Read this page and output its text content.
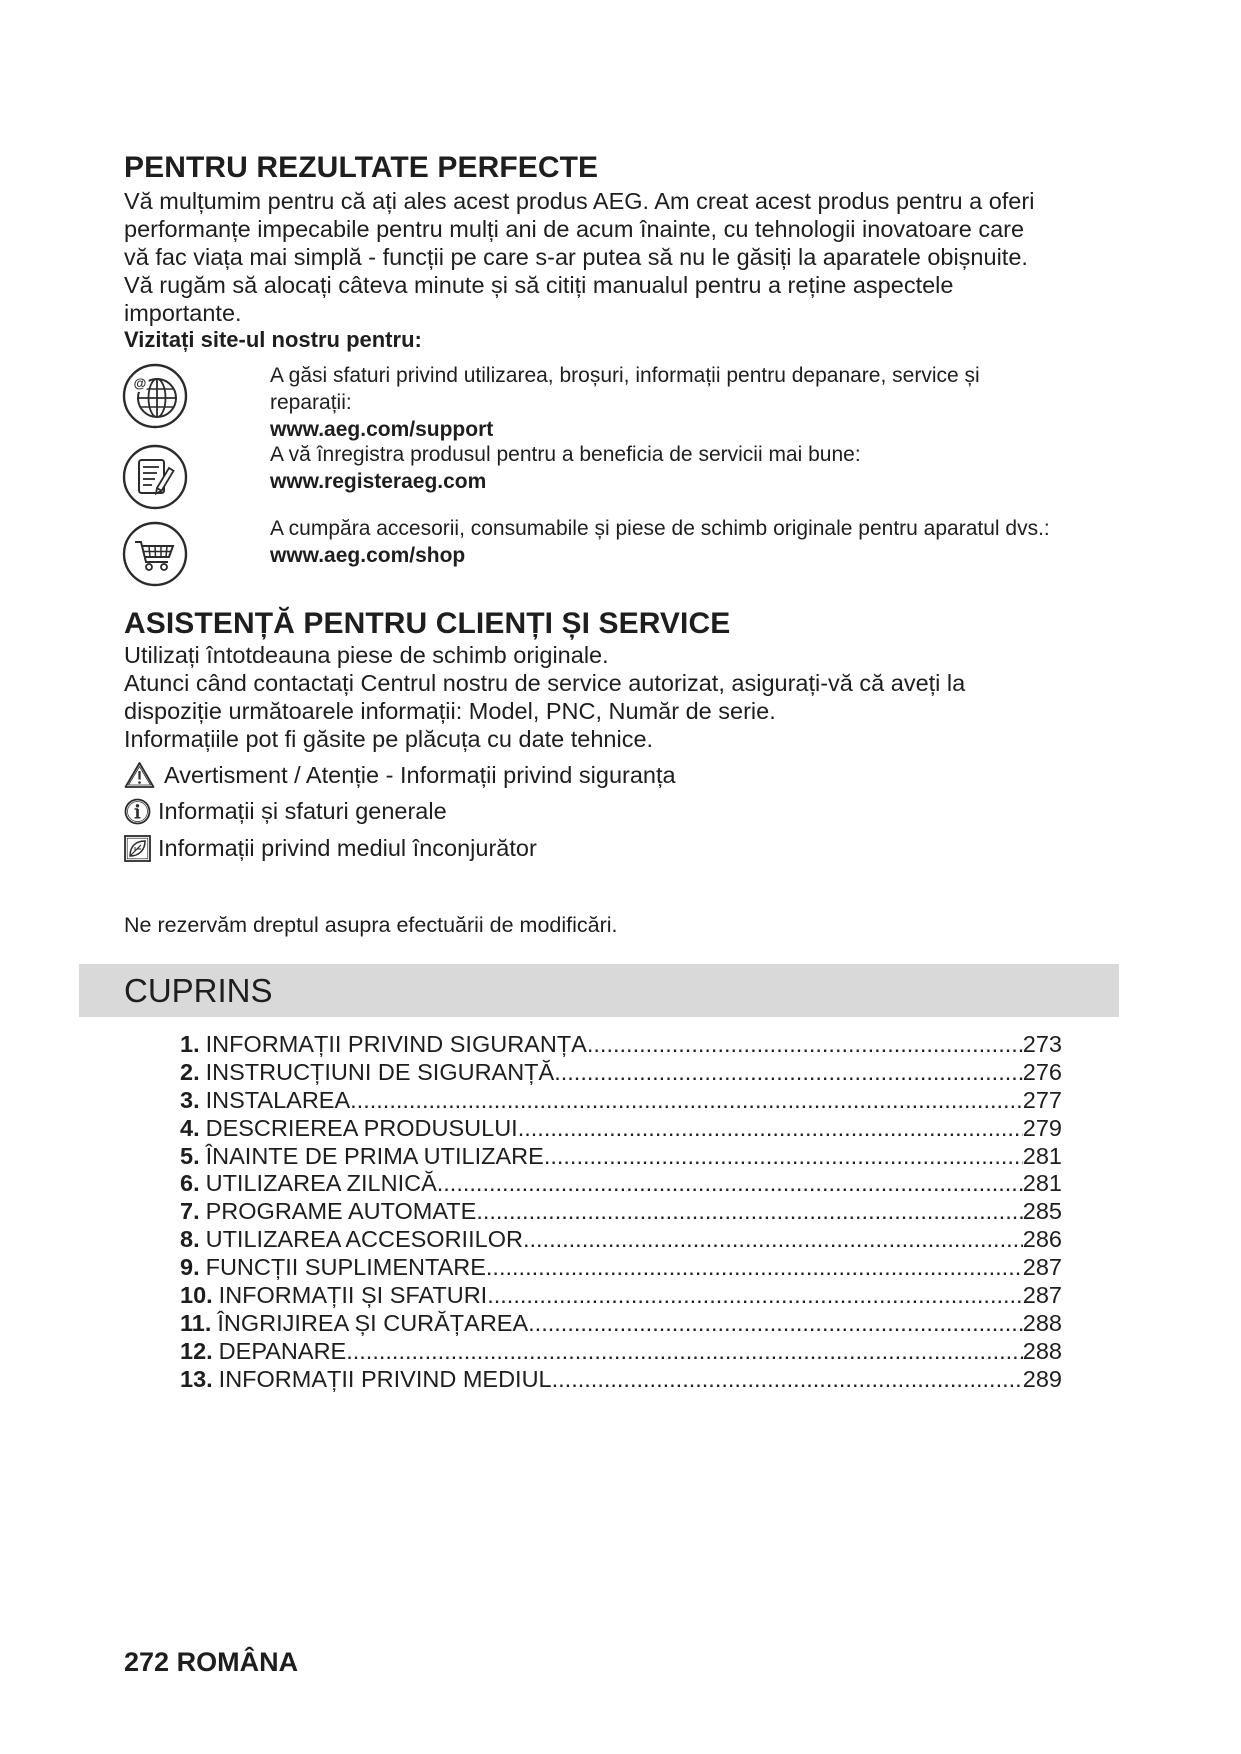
PENTRU REZULTATE PERFECTE
Vă mulțumim pentru că ați ales acest produs AEG. Am creat acest produs pentru a oferi
performanțe impecabile pentru mulți ani de acum înainte, cu tehnologii inovatoare care
vă fac viața mai simplă - funcții pe care s-ar putea să nu le găsiți la aparatele obișnuite.
Vă rugăm să alocați câteva minute și să citiți manualul pentru a reține aspectele
importante.
Vizitați site-ul nostru pentru:
@	A găsi sfaturi privind utilizarea, broșuri, informații pentru depanare, service și
reparații:
www.aeg.com/support
A vă înregistra produsul pentru a beneficia de servicii mai bune:
www.registeraeg.com
A cumpăra accesorii, consumabile și piese de schimb originale pentru aparatul dvs.:
www.aeg.com/shop
ASISTENȚĂ PENTRU CLIENȚI ȘI SERVICE
Utilizați întotdeauna piese de schimb originale.
Atunci când contactați Centrul nostru de service autorizat, asigurați-vă că aveți la
dispoziție următoarele informații: Model, PNC, Număr de serie.
Informațiile pot fi găsite pe plăcuța cu date tehnice.
Avertisment / Atenție - Informații privind siguranța
Informații și sfaturi generale
Informații privind mediul înconjurător
Ne rezervăm dreptul asupra efectuării de modificări.
CUPRINS
1. INFORMAȚII PRIVIND SIGURANȚA .....	273
2. INSTRUCȚIUNI DE SIGURANȚĂ .....	276
3. INSTALAREA .....	277
4. DESCRIEREA PRODUSULUI .....	279
5. ÎNAINTE DE PRIMA UTILIZARE .....	281
6. UTILIZAREA ZILNICĂ .....	281
7. PROGRAME AUTOMATE .....	285
8. UTILIZAREA ACCESORIILOR .....	286
9. FUNCȚII SUPLIMENTARE .....	287
10. INFORMAȚII ȘI SFATURI .....	287
11. ÎNGRIJIREA ȘI CURĂȚAREA .....	288
12. DEPANARE .....	288
13. INFORMAȚII PRIVIND MEDIUL .....	289
272 ROMÂNA
